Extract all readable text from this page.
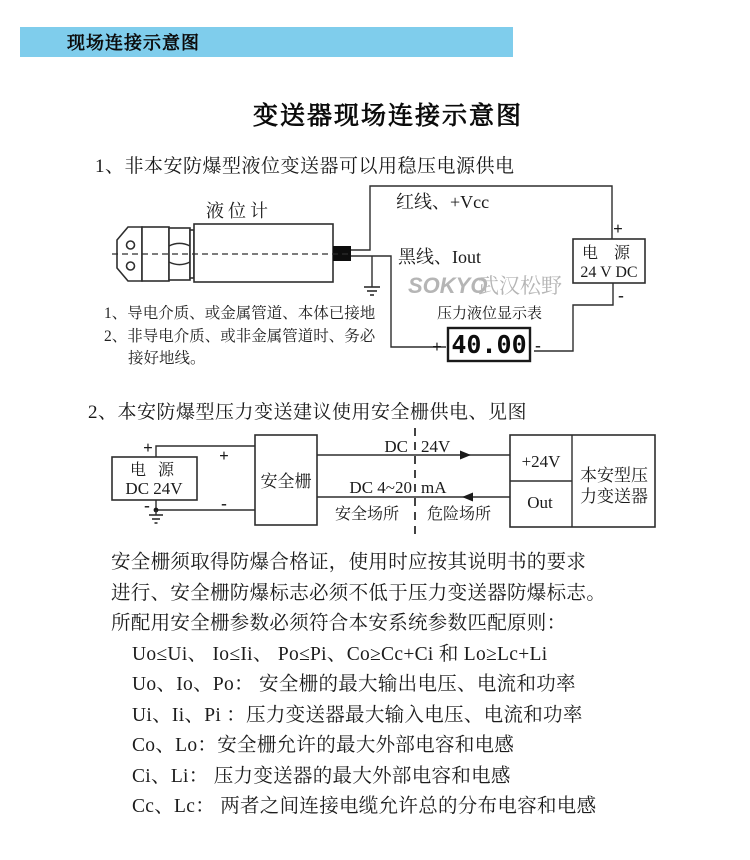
现场连接示意图
变送器现场连接示意图
1、非本安防爆型液位变送器可以用稳压电源供电
液位计	红线、+Vcc
黑线、Iout
SOKYO
武汉松野
电 源
24 V DC
+
-
压力液位显示表
40.00
+	-
1、导电介质、或金属管道、本体已接地
2、非导电介质、或非金属管道时、务必
接好地线。
2、本安防爆型压力变送建议使用安全栅供电、见图
电 源
DC 24V
+
-
+
-
安全栅
DC 24V
DC 4~20 mA
安全场所 危险场所
+24V
Out
本安型压
力变送器
安全栅须取得防爆合格证，使用时应按其说明书的要求
进行、安全栅防爆标志必须不低于压力变送器防爆标志。
所配用安全栅参数必须符合本安系统参数匹配原则：
Uo≤Ui、 Io≤Ii、 Po≤Pi、Co≥Cc+Ci 和 Lo≥Lc+Li
Uo、Io、Po： 安全栅的最大输出电压、电流和功率
Ui、Ii、Pi ：压力变送器最大输入电压、电流和功率
Co、Lo：安全栅允许的最大外部电容和电感
Ci、Li： 压力变送器的最大外部电容和电感
Cc、Lc： 两者之间连接电缆允许总的分布电容和电感
